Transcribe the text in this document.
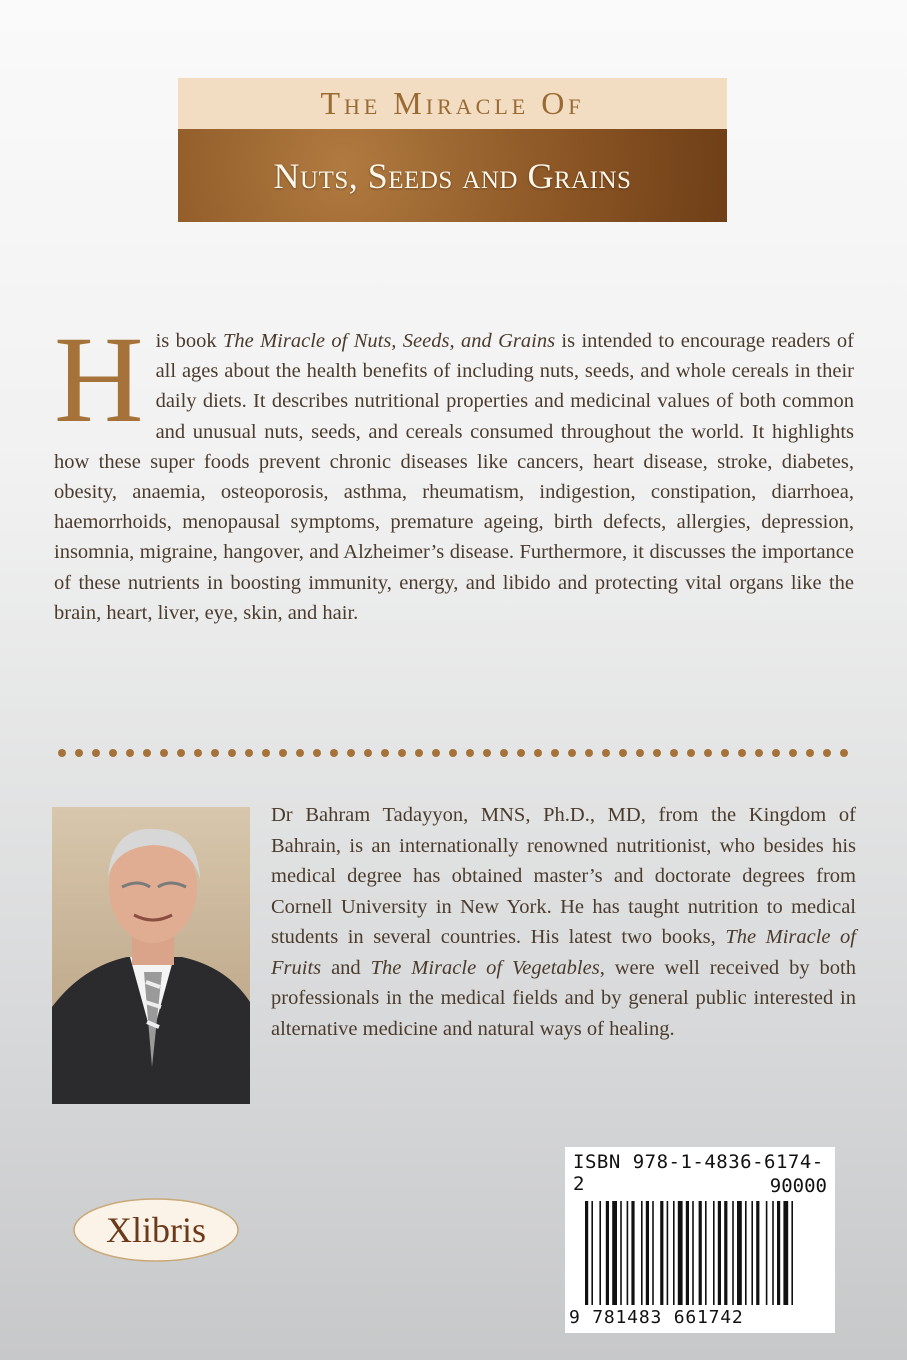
The Miracle Of
Nuts, Seeds and Grains
His book The Miracle of Nuts, Seeds, and Grains is intended to encourage readers of all ages about the health benefits of including nuts, seeds, and whole cereals in their daily diets. It describes nutritional properties and medicinal values of both common and unusual nuts, seeds, and cereals consumed throughout the world. It highlights how these super foods prevent chronic diseases like cancers, heart disease, stroke, diabetes, obesity, anaemia, osteoporosis, asthma, rheumatism, indigestion, constipation, diarrhoea, haemorrhoids, menopausal symptoms, premature ageing, birth defects, allergies, depression, insomnia, migraine, hangover, and Alzheimer’s disease. Furthermore, it discusses the importance of these nutrients in boosting immunity, energy, and libido and protecting vital organs like the brain, heart, liver, eye, skin, and hair.
Dr Bahram Tadayyon, MNS, Ph.D., MD, from the Kingdom of Bahrain, is an internationally renowned nutritionist, who besides his medical degree has obtained master’s and doctorate degrees from Cornell University in New York. He has taught nutrition to medical students in several countries. His latest two books, The Miracle of Fruits and The Miracle of Vegetables, were well received by both professionals in the medical fields and by general public interested in alternative medicine and natural ways of healing.
Xlibris
ISBN 978-1-4836-6174-2	90000
9 781483 661742
